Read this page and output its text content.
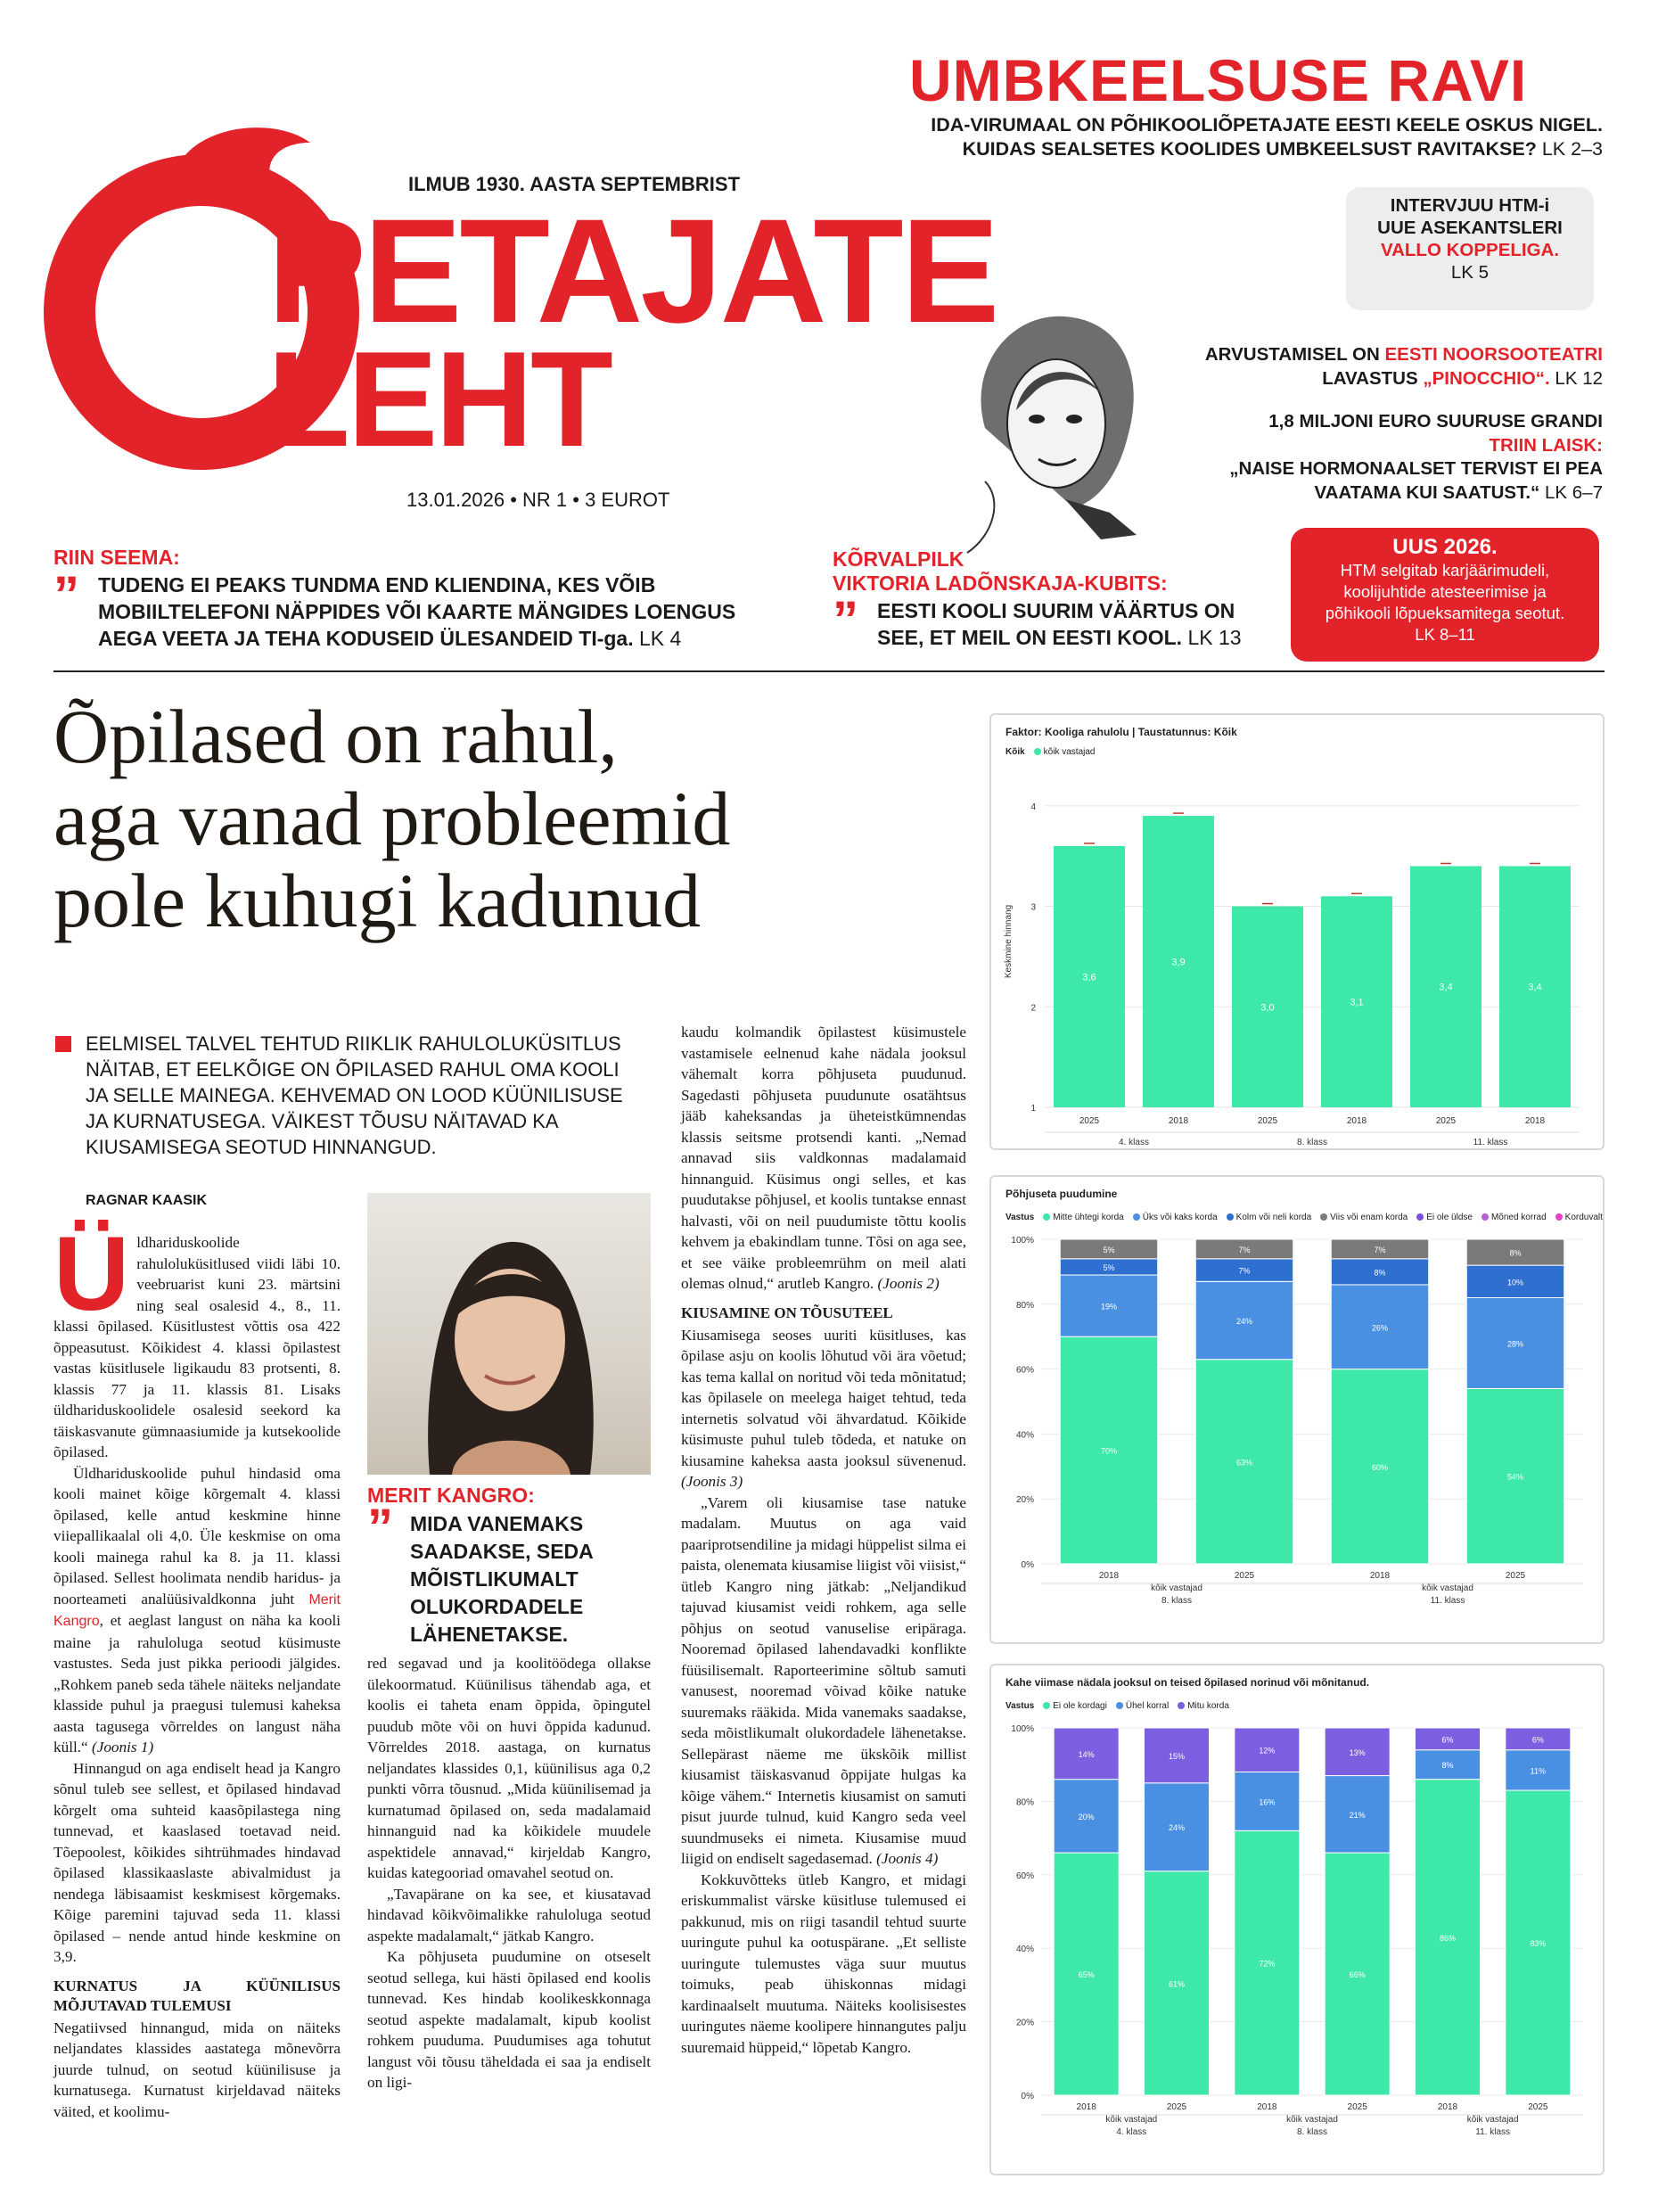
PETAJATE
LEHT
ILMUB 1930. AASTA SEPTEMBRIST
13.01.2026 • NR 1 • 3 EUROT
UMBKEELSUSE RAVI
IDA-VIRUMAAL ON PÕHIKOOLIÕPETAJATE EESTI KEELE OSKUS NIGEL.
KUIDAS SEALSETES KOOLIDES UMBKEELSUST RAVITAKSE? LK 2–3
INTERVJUU HTM-i
UUE ASEKANTSLERI
VALLO KOPPELIGA.
LK 5
ARVUSTAMISEL ON EESTI NOORSOOTEATRI
LAVASTUS „PINOCCHIO“. LK 12
1,8 MILJONI EURO SUURUSE GRANDI
TRIIN LAISK:
„NAISE HORMONAALSET TERVIST EI PEA
VAATAMA KUI SAATUST.“ LK 6–7
UUS 2026.
HTM selgitab karjäärimudeli,
koolijuhtide atesteerimise ja
põhikooli lõpueksamitega seotut.
LK 8–11
RIIN SEEMA:
” TUDENG EI PEAKS TUNDMA END KLIENDINA, KES VÕIB
MOBIILTELEFONI NÄPPIDES VÕI KAARTE MÄNGIDES LOENGUS
AEGA VEETA JA TEHA KODUSEID ÜLESANDEID TI-ga. LK 4
KÕRVALPILK
VIKTORIA LADÕNSKAJA-KUBITS:
” EESTI KOOLI SUURIM VÄÄRTUS ON
SEE, ET MEIL ON EESTI KOOL. LK 13
Õpilased on rahul,
aga vanad probleemid
pole kuhugi kadunud
EELMISEL TALVEL TEHTUD RIIKLIK RAHULOLUKÜSITLUS NÄITAB, ET EELKÕIGE ON ÕPILASED RAHUL OMA KOOLI JA SELLE MAINEGA. KEHVEMAD ON LOOD KÜÜNILISUSE JA KURNATUSEGA. VÄIKEST TÕUSU NÄITAVAD KA KIUSAMISEGA SEOTUD HINNANGUD.
RAGNAR KAASIK
Ü ldhariduskoolide rahuloluküsitlused viidi läbi 10. veebruarist kuni 23. märtsini ning seal osalesid 4., 8., 11. klassi õpilased. Küsitlustest võttis osa 422 õppeasutust. Kõikidest 4. klassi õpilastest vastas küsitlusele ligikaudu 83 protsenti, 8. klassis 77 ja 11. klassis 81. Lisaks üldhariduskoolidele osalesid seekord ka täiskasvanute gümnaasiumide ja kutsekoolide õpilased.

Üldhariduskoolide puhul hindasid oma kooli mainet kõige kõrgemalt 4. klassi õpilased, kelle antud keskmine hinne viiepallikaalal oli 4,0. Üle keskmise on oma kooli mainega rahul ka 8. ja 11. klassi õpilased. Sellest hoolimata nendib haridus- ja noorteameti analüüsivaldkonna juht Merit Kangro, et aeglast langust on näha ka kooli maine ja rahuloluga seotud küsimuste vastustes. Seda just pikka perioodi jälgides. „Rohkem paneb seda tähele näiteks neljandate klasside puhul ja praegusi tulemusi kaheksa aasta tagusega võrreldes on langust näha küll.“ (Joonis 1)

Hinnangud on aga endiselt head ja Kangro sõnul tuleb see sellest, et õpilased hindavad kõrgelt oma suhteid kaasõpilastega ning tunnevad, et kaaslased toetavad neid. Tõepoolest, kõikides sihtrühmades hindavad õpilased klassikaaslaste abivalmidust ja nendega läbisaamist keskmisest kõrgemaks. Kõige paremini tajuvad seda 11. klassi õpilased – nende antud hinde keskmine on 3,9.

KURNATUS JA KÜÜNILISUS MÕJUTAVAD TULEMUSI

Negatiivsed hinnangud, mida on näiteks neljandates klassides aastatega mõnevõrra juurde tulnud, on seotud küünilisuse ja kurnatusega. Kurnatust kirjeldavad näiteks väited, et koolimu-

MERIT KANGRO:
” MIDA VANEMAKS SAADAKSE, SEDA MÕISTLIKUMALT OLUKORDADELE LÄHENETAKSE.

red segavad und ja koolitöödega ollakse ülekoormatud. Küünilisus tähendab aga, et koolis ei taheta enam õppida, õpingutel puudub mõte või on huvi õppida kadunud. Võrreldes 2018. aastaga, on kurnatus neljandates klassides 0,1, küünilisus aga 0,2 punkti võrra tõusnud. „Mida küünilisemad ja kurnatumad õpilased on, seda madalamaid hinnanguid nad ka kõikidele muudele aspektidele annavad,“ kirjeldab Kangro, kuidas kategooriad omavahel seotud on.

„Tavapärane on ka see, et kiusatavad hindavad kõikvõimalikke rahuloluga seotud aspekte madalamalt,“ jätkab Kangro.

Ka põhjuseta puudumine on otseselt seotud sellega, kui hästi õpilased end koolis tunnevad. Kes hindab koolikeskkonnaga seotud aspekte madalamalt, kipub koolist rohkem puuduma. Puudumises aga tohutut langust või tõusu täheldada ei saa ja endiselt on ligi-

kaudu kolmandik õpilastest küsimustele vastamisele eelnenud kahe nädala jooksul vähemalt korra põhjuseta puudunud. Sagedasti põhjuseta puudunute osatähtsus jääb kaheksandas ja üheteistkümnendas klassis seitsme protsendi kanti. „Nemad annavad siis valdkonnas madalamaid hinnanguid. Küsimus ongi selles, et kas puudutakse põhjusel, et koolis tuntakse ennast halvasti, või on neil puudumiste tõttu koolis kehvem ja ebakindlam tunne. Tõsi on aga see, et see väike probleemrühm on meil alati olemas olnud,“ arutleb Kangro. (Joonis 2)

KIUSAMINE ON TÕUSUTEEL

Kiusamisega seoses uuriti küsitluses, kas õpilase asju on koolis lõhutud või ära võetud; kas tema kallal on noritud või teda mõnitatud; kas õpilasele on meelega haiget tehtud, teda internetis solvatud või ähvardatud. Kõikide küsimuste puhul tuleb tõdeda, et natuke on kiusamine kaheksa aasta jooksul süvenenud. (Joonis 3)

„Varem oli kiusamise tase natuke madalam. Muutus on aga vaid paariprotsendiline ja midagi hüppelist silma ei paista, olenemata kiusamise liigist või viisist,“ ütleb Kangro ning jätkab: „Neljandikud tajuvad kiusamist veidi rohkem, aga selle põhjus on seotud vanuselise eripäraga. Nooremad õpilased lahendavadki konflikte füüsilisemalt. Raporteerimine sõltub samuti vanusest, nooremad võivad kõike natuke suuremaks rääkida. Mida vanemaks saadakse, seda mõistlikumalt olukordadele lähenetakse. Sellepärast näeme me ükskõik millist kiusamist täiskasvanud õppijate hulgas ka kõige vähem.“ Internetis kiusamist on samuti pisut juurde tulnud, kuid Kangro seda veel suundmuseks ei nimeta. Kiusamise muud liigid on endiselt sagedasemad. (Joonis 4)

Kokkuvõtteks ütleb Kangro, et midagi eriskummalist värske küsitluse tulemused ei pakkunud, mis on riigi tasandil tehtud suurte uuringute puhul ka ootuspärane. „Et selliste uuringute tulemustes väga suur muutus toimuks, peab ühiskonnas midagi kardinaalselt muutuma. Näiteks koolisisestes uuringutes näeme koolipere hinnangutes palju suuremaid hüppeid,“ lõpetab Kangro.

Faktor: Kooliga rahulolu | Taustatunnus: Kõik
Kõik	kõik vastajad
1
2
3
4
Keskmine hinnang	3,6
2025
3,9
2018
3,0
2025
3,1
2018
3,4
2025
3,4
2018
4. klass	8. klass	11. klass
Põhjuseta puudumine
Vastus	Mitte ühtegi korda	Üks või kaks korda	Kolm või neli korda	Viis või enam korda	Ei ole üldse	Mõned korrad	Korduvalt
0%
20%
40%
60%
80%
100%
70%
19%
5%
5%
2018
63%
24%
7%
7%
2025
60%
26%
8%
7%
2018
54%
28%
10%
8%
2025
kõik vastajad
8. klass
kõik vastajad
11. klass
Kahe viimase nädala jooksul on teised õpilased norinud või mõnitanud.
Vastus	Ei ole kordagi	Ühel korral	Mitu korda
0%
20%
40%
60%
80%
100%
65%
20%
14%
2018
61%
24%
15%
2025
72%
16%
12%
2018
66%
21%
13%
2025
86%
8%
6%
2018
83%
11%
6%
2025
kõik vastajad
4. klass
kõik vastajad
8. klass
kõik vastajad
11. klass
